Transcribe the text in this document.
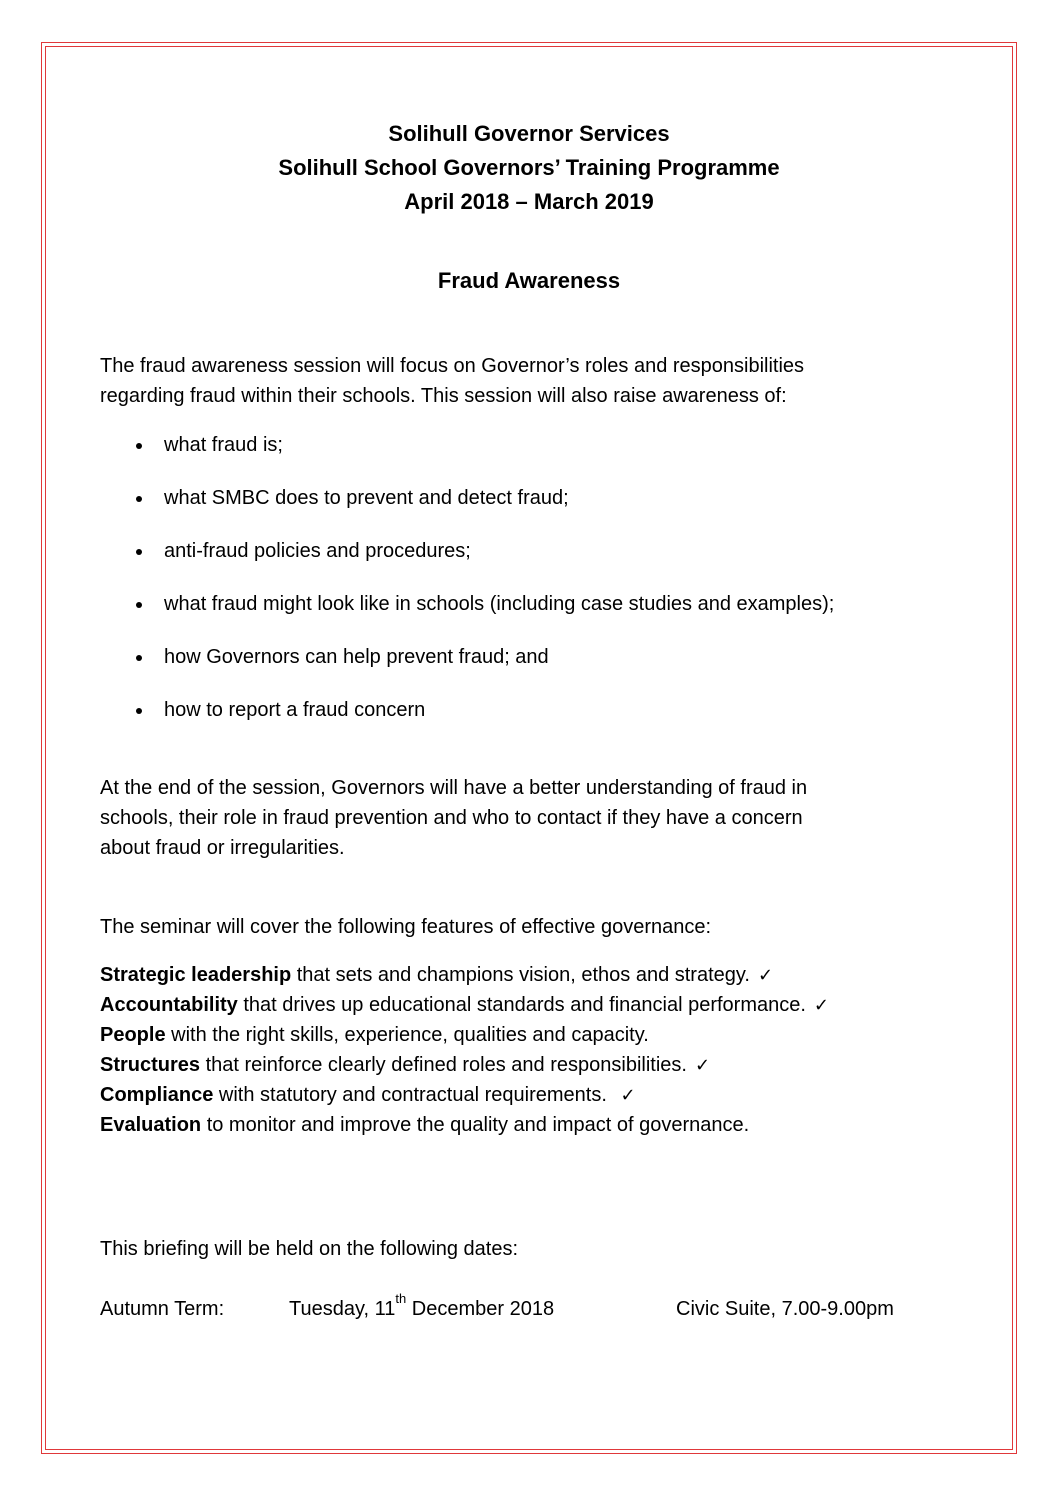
Solihull Governor Services
Solihull School Governors’ Training Programme
April 2018 – March 2019
Fraud Awareness

The fraud awareness session will focus on Governor’s roles and responsibilities

regarding fraud within their schools. This session will also raise awareness of:

what fraud is;
what SMBC does to prevent and detect fraud;
anti-fraud policies and procedures;
what fraud might look like in schools (including case studies and examples);
how Governors can help prevent fraud; and
how to report a fraud concern

At the end of the session, Governors will have a better understanding of fraud in

schools, their role in fraud prevention and who to contact if they have a concern

about fraud or irregularities.

The seminar will cover the following features of effective governance:

Strategic leadership that sets and champions vision, ethos and strategy. ✓
Accountability that drives up educational standards and financial performance. ✓
People with the right skills, experience, qualities and capacity.
Structures that reinforce clearly defined roles and responsibilities. ✓
Compliance with statutory and contractual requirements. ✓
Evaluation to monitor and improve the quality and impact of governance.

This briefing will be held on the following dates:

Autumn Term:	Tuesday, 11th December 2018	Civic Suite, 7.00-9.00pm
